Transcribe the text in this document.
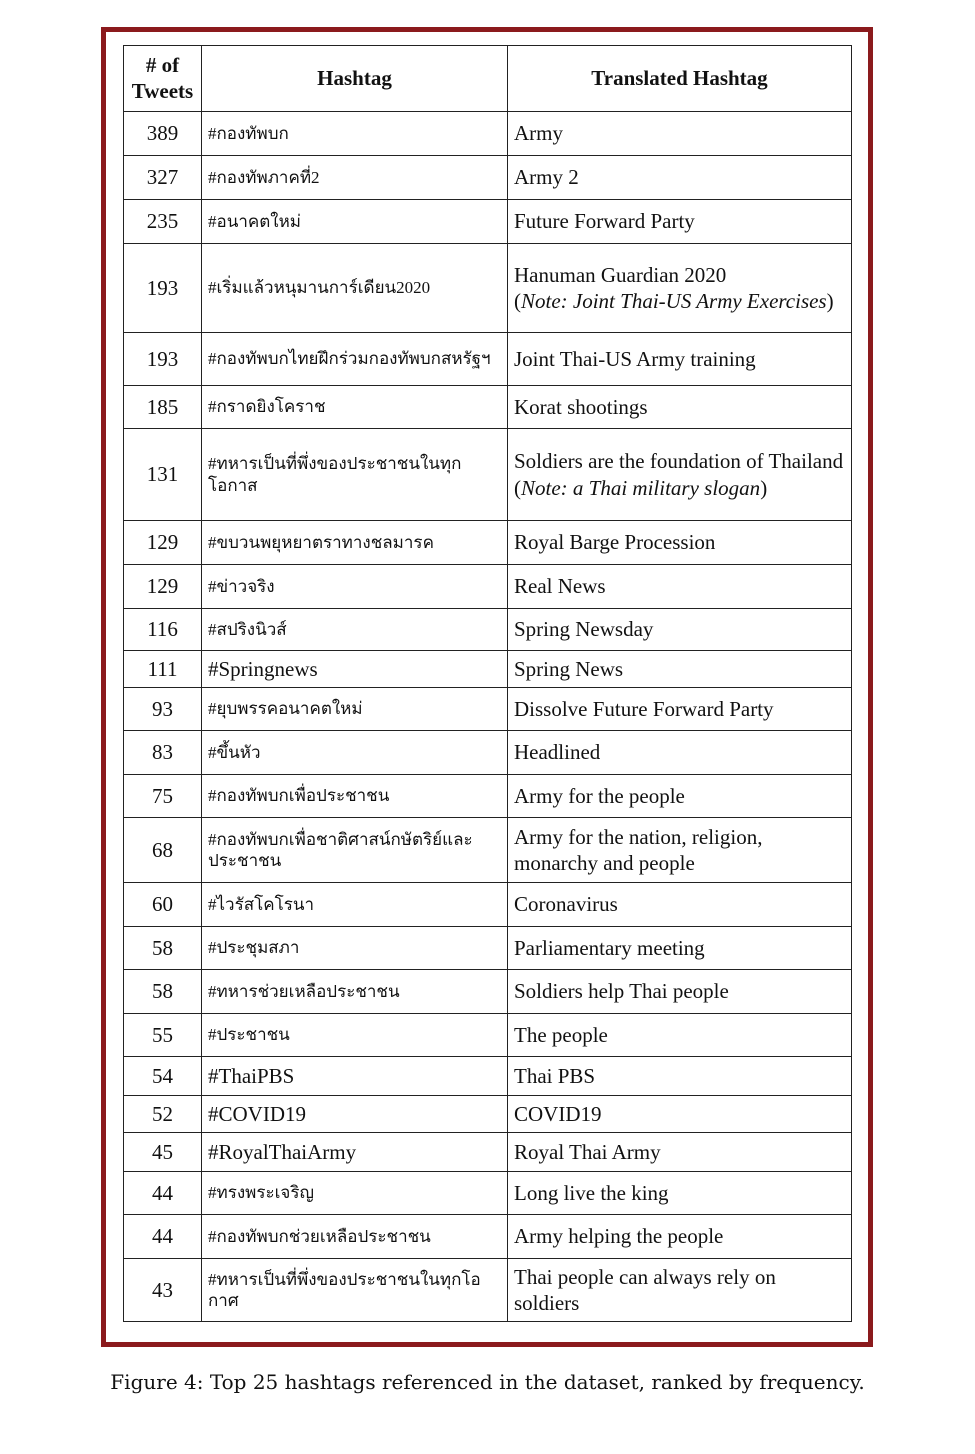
# of
Tweets	Hashtag	Translated Hashtag
389	#กองทัพบก	Army
327	#กองทัพภาคที่2	Army 2
235	#อนาคตใหม่	Future Forward Party
193	#เริ่มแล้วหนุมานการ์เดียน2020	Hanuman Guardian 2020
(Note: Joint Thai-US Army Exercises)
193	#กองทัพบกไทยฝึกร่วมกองทัพบกสหรัฐฯ	Joint Thai-US Army training
185	#กราดยิงโคราช	Korat shootings
131	#ทหารเป็นที่พึ่งของประชาชนในทุกโอกาส	Soldiers are the foundation of Thailand
(Note: a Thai military slogan)
129	#ขบวนพยุหยาตราทางชลมารค	Royal Barge Procession
129	#ข่าวจริง	Real News
116	#สปริงนิวส์	Spring Newsday
111	#Springnews	Spring News
93	#ยุบพรรคอนาคตใหม่	Dissolve Future Forward Party
83	#ขึ้นหัว	Headlined
75	#กองทัพบกเพื่อประชาชน	Army for the people
68	#กองทัพบกเพื่อชาติศาสน์กษัตริย์และประชาชน	Army for the nation, religion, monarchy and people
60	#ไวรัสโคโรนา	Coronavirus
58	#ประชุมสภา	Parliamentary meeting
58	#ทหารช่วยเหลือประชาชน	Soldiers help Thai people
55	#ประชาชน	The people
54	#ThaiPBS	Thai PBS
52	#COVID19	COVID19
45	#RoyalThaiArmy	Royal Thai Army
44	#ทรงพระเจริญ	Long live the king
44	#กองทัพบกช่วยเหลือประชาชน	Army helping the people
43	#ทหารเป็นที่พึ่งของประชาชนในทุกโอกาศ	Thai people can always rely on soldiers
Figure 4: Top 25 hashtags referenced in the dataset, ranked by frequency.
